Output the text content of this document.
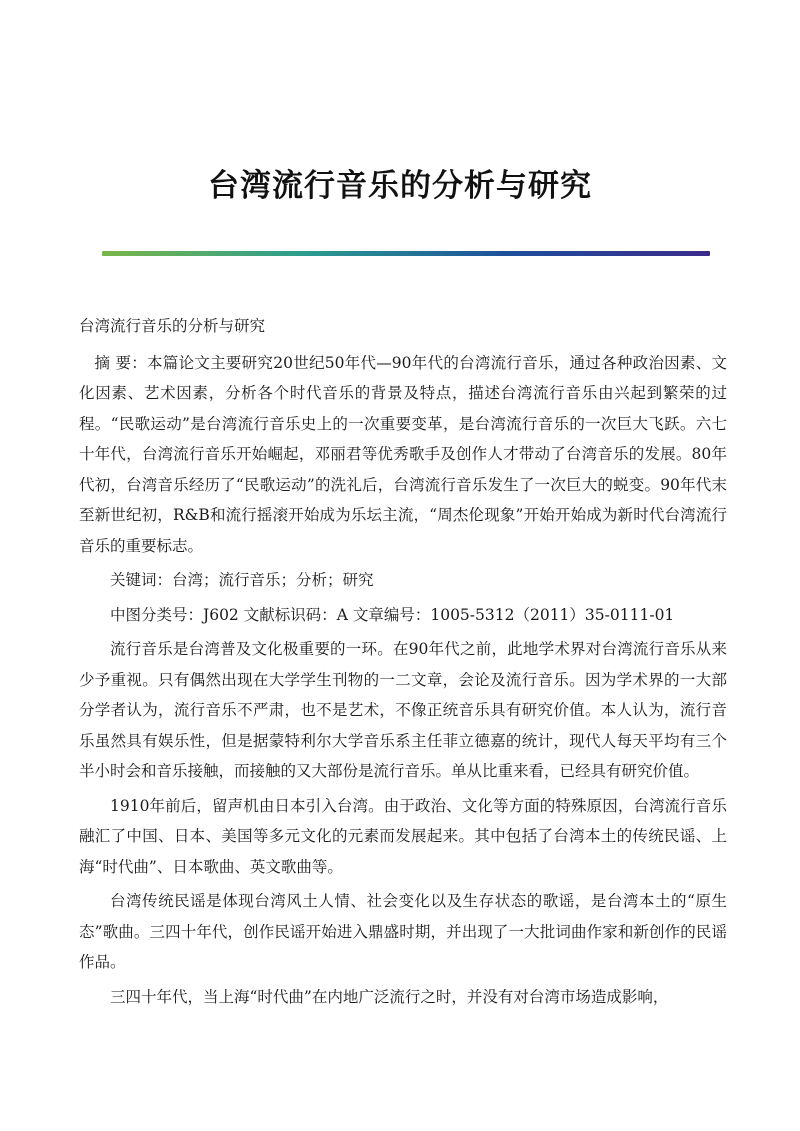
台湾流行音乐的分析与研究

台湾流行音乐的分析与研究

摘 要：本篇论文主要研究20世纪50年代—90年代的台湾流行音乐，通过各种政治因素、文化因素、艺术因素，分析各个时代音乐的背景及特点，描述台湾流行音乐由兴起到繁荣的过程。“民歌运动”是台湾流行音乐史上的一次重要变革，是台湾流行音乐的一次巨大飞跃。六七十年代，台湾流行音乐开始崛起，邓丽君等优秀歌手及创作人才带动了台湾音乐的发展。80年代初，台湾音乐经历了“民歌运动”的洗礼后，台湾流行音乐发生了一次巨大的蜕变。90年代末至新世纪初，R&B和流行摇滚开始成为乐坛主流，“周杰伦现象”开始开始成为新时代台湾流行音乐的重要标志。

关键词：台湾；流行音乐；分析；研究

中图分类号：J602 文献标识码：A 文章编号：1005-5312（2011）35-0111-01

流行音乐是台湾普及文化极重要的一环。在90年代之前，此地学术界对台湾流行音乐从来少予重视。只有偶然出现在大学学生刊物的一二文章，会论及流行音乐。因为学术界的一大部分学者认为，流行音乐不严肃，也不是艺术，不像正统音乐具有研究价值。本人认为，流行音乐虽然具有娱乐性，但是据蒙特利尔大学音乐系主任菲立德嘉的统计，现代人每天平均有三个半小时会和音乐接触，而接触的又大部份是流行音乐。单从比重来看，已经具有研究价值。

1910年前后，留声机由日本引入台湾。由于政治、文化等方面的特殊原因，台湾流行音乐融汇了中国、日本、美国等多元文化的元素而发展起来。其中包括了台湾本土的传统民谣、上海“时代曲”、日本歌曲、英文歌曲等。

台湾传统民谣是体现台湾风土人情、社会变化以及生存状态的歌谣，是台湾本土的“原生态”歌曲。三四十年代，创作民谣开始进入鼎盛时期，并出现了一大批词曲作家和新创作的民谣作品。

三四十年代，当上海“时代曲”在内地广泛流行之时，并没有对台湾市场造成影响，
